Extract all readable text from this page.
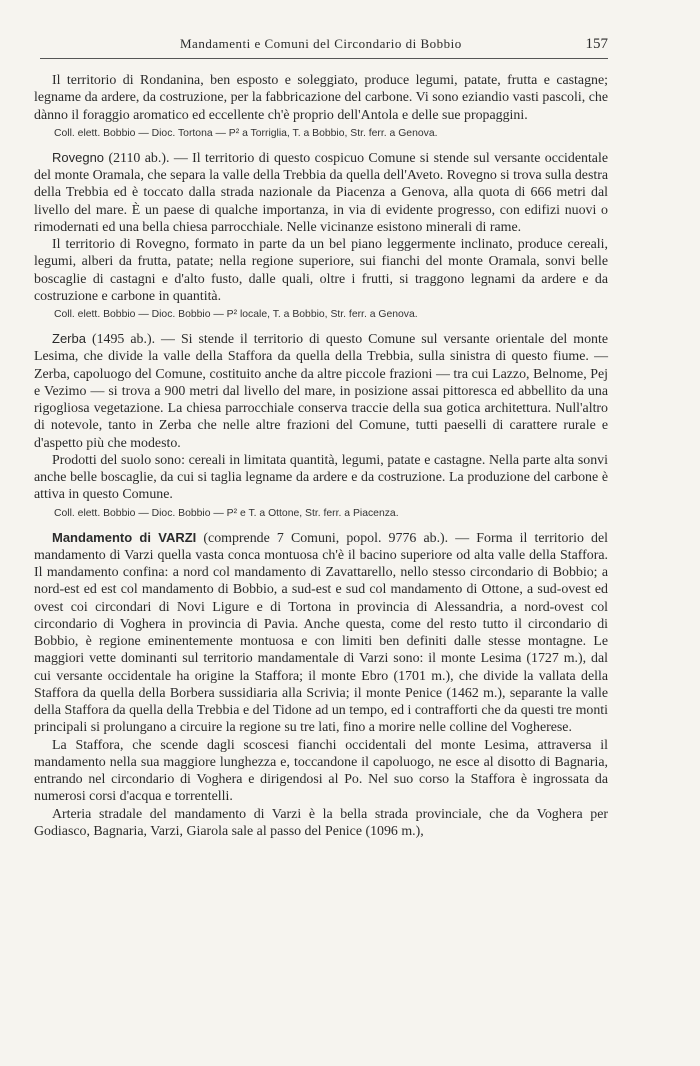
Mandamenti e Comuni del Circondario di Bobbio	157

Il territorio di Rondanina, ben esposto e soleggiato, produce legumi, patate, frutta e castagne; legname da ardere, da costruzione, per la fabbricazione del carbone. Vi sono eziandio vasti pascoli, che dànno il foraggio aromatico ed eccellente ch'è proprio dell'Antola e delle sue propaggini.

Coll. elett. Bobbio — Dioc. Tortona — P² a Torriglia, T. a Bobbio, Str. ferr. a Genova.

Rovegno (2110 ab.). — Il territorio di questo cospicuo Comune si stende sul versante occidentale del monte Oramala, che separa la valle della Trebbia da quella dell'Aveto. Rovegno si trova sulla destra della Trebbia ed è toccato dalla strada nazionale da Piacenza a Genova, alla quota di 666 metri dal livello del mare. È un paese di qualche importanza, in via di evidente progresso, con edifizi nuovi o rimodernati ed una bella chiesa parrocchiale. Nelle vicinanze esistono minerali di rame.

Il territorio di Rovegno, formato in parte da un bel piano leggermente inclinato, produce cereali, legumi, alberi da frutta, patate; nella regione superiore, sui fianchi del monte Oramala, sonvi belle boscaglie di castagni e d'alto fusto, dalle quali, oltre i frutti, si traggono legnami da ardere e da costruzione e carbone in quantità.

Coll. elett. Bobbio — Dioc. Bobbio — P² locale, T. a Bobbio, Str. ferr. a Genova.

Zerba (1495 ab.). — Si stende il territorio di questo Comune sul versante orientale del monte Lesima, che divide la valle della Staffora da quella della Trebbia, sulla sinistra di questo fiume. — Zerba, capoluogo del Comune, costituito anche da altre piccole frazioni — tra cui Lazzo, Belnome, Pej e Vezimo — si trova a 900 metri dal livello del mare, in posizione assai pittoresca ed abbellito da una rigogliosa vegetazione. La chiesa parrocchiale conserva traccie della sua gotica architettura. Null'altro di notevole, tanto in Zerba che nelle altre frazioni del Comune, tutti paeselli di carattere rurale e d'aspetto più che modesto.

Prodotti del suolo sono: cereali in limitata quantità, legumi, patate e castagne. Nella parte alta sonvi anche belle boscaglie, da cui si taglia legname da ardere e da costruzione. La produzione del carbone è attiva in questo Comune.

Coll. elett. Bobbio — Dioc. Bobbio — P² e T. a Ottone, Str. ferr. a Piacenza.

Mandamento di VARZI (comprende 7 Comuni, popol. 9776 ab.). — Forma il territorio del mandamento di Varzi quella vasta conca montuosa ch'è il bacino superiore od alta valle della Staffora. Il mandamento confina: a nord col mandamento di Zavattarello, nello stesso circondario di Bobbio; a nord-est ed est col mandamento di Bobbio, a sud-est e sud col mandamento di Ottone, a sud-ovest ed ovest coi circondari di Novi Ligure e di Tortona in provincia di Alessandria, a nord-ovest col circondario di Voghera in provincia di Pavia. Anche questa, come del resto tutto il circondario di Bobbio, è regione eminentemente montuosa e con limiti ben definiti dalle stesse montagne. Le maggiori vette dominanti sul territorio mandamentale di Varzi sono: il monte Lesima (1727 m.), dal cui versante occidentale ha origine la Staffora; il monte Ebro (1701 m.), che divide la vallata della Staffora da quella della Borbera sussidiaria alla Scrivia; il monte Penice (1462 m.), separante la valle della Staffora da quella della Trebbia e del Tidone ad un tempo, ed i contrafforti che da questi tre monti principali si prolungano a circuire la regione su tre lati, fino a morire nelle colline del Vogherese.

La Staffora, che scende dagli scoscesi fianchi occidentali del monte Lesima, attraversa il mandamento nella sua maggiore lunghezza e, toccandone il capoluogo, ne esce al disotto di Bagnaria, entrando nel circondario di Voghera e dirigendosi al Po. Nel suo corso la Staffora è ingrossata da numerosi corsi d'acqua e torrentelli.

Arteria stradale del mandamento di Varzi è la bella strada provinciale, che da Voghera per Godiasco, Bagnaria, Varzi, Giarola sale al passo del Penice (1096 m.),
